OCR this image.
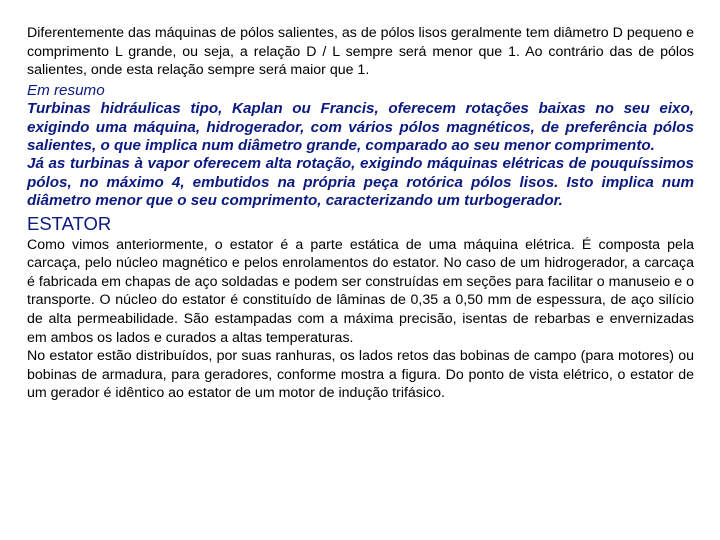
Diferentemente das máquinas de pólos salientes, as de pólos lisos geralmente tem diâmetro D pequeno e comprimento L grande, ou seja, a relação D / L sempre será menor que 1. Ao contrário das de pólos salientes, onde esta relação sempre será maior que 1.

Em resumo

Turbinas hidráulicas tipo, Kaplan ou Francis, oferecem rotações baixas no seu eixo, exigindo uma máquina, hidrogerador, com vários pólos magnéticos, de preferência pólos salientes, o que implica num diâmetro grande, comparado ao seu menor comprimento.

Já as turbinas à vapor oferecem alta rotação, exigindo máquinas elétricas de pouquíssimos pólos, no máximo 4, embutidos na própria peça rotórica pólos lisos. Isto implica num diâmetro menor que o seu comprimento, caracterizando um turbogerador.

ESTATOR

Como vimos anteriormente, o estator é a parte estática de uma máquina elétrica. É composta pela carcaça, pelo núcleo magnético e pelos enrolamentos do estator. No caso de um hidrogerador, a carcaça é fabricada em chapas de aço soldadas e podem ser construídas em seções para facilitar o manuseio e o transporte. O núcleo do estator é constituído de lâminas de 0,35 a 0,50 mm de espessura, de aço silício de alta permeabilidade. São estampadas com a máxima precisão, isentas de rebarbas e envernizadas em ambos os lados e curados a altas temperaturas.

No estator estão distribuídos, por suas ranhuras, os lados retos das bobinas de campo (para motores) ou bobinas de armadura, para geradores, conforme mostra a figura. Do ponto de vista elétrico, o estator de um gerador é idêntico ao estator de um motor de indução trifásico.
